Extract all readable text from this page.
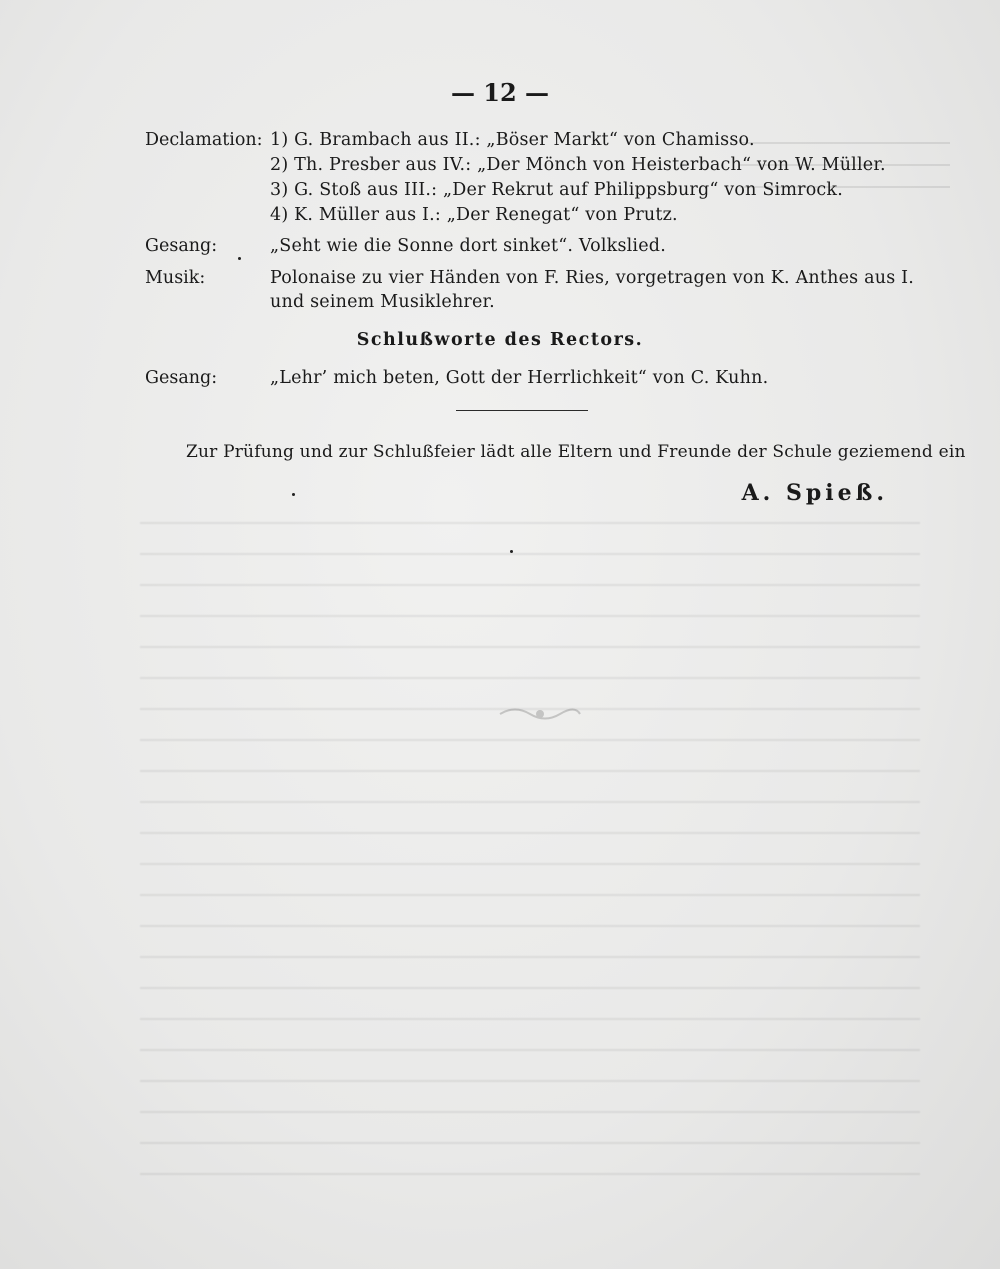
— 12 —
Declamation: 1) G. Brambach aus II.: „Böser Markt“ von Chamisso.
2) Th. Presber aus IV.: „Der Mönch von Heisterbach“ von W. Müller.
3) G. Stoß aus III.: „Der Rekrut auf Philippsburg“ von Simrock.
4) K. Müller aus I.: „Der Renegat“ von Prutz.
Gesang:	„Seht wie die Sonne dort sinket“. Volkslied.
Musik:	Polonaise zu vier Händen von F. Ries, vorgetragen von K. Anthes aus I.
und seinem Musiklehrer.
Schlußworte des Rectors.
Gesang:	„Lehr’ mich beten, Gott der Herrlichkeit“ von C. Kuhn.
Zur Prüfung und zur Schlußfeier lädt alle Eltern und Freunde der Schule geziemend ein
A. Spieß.
